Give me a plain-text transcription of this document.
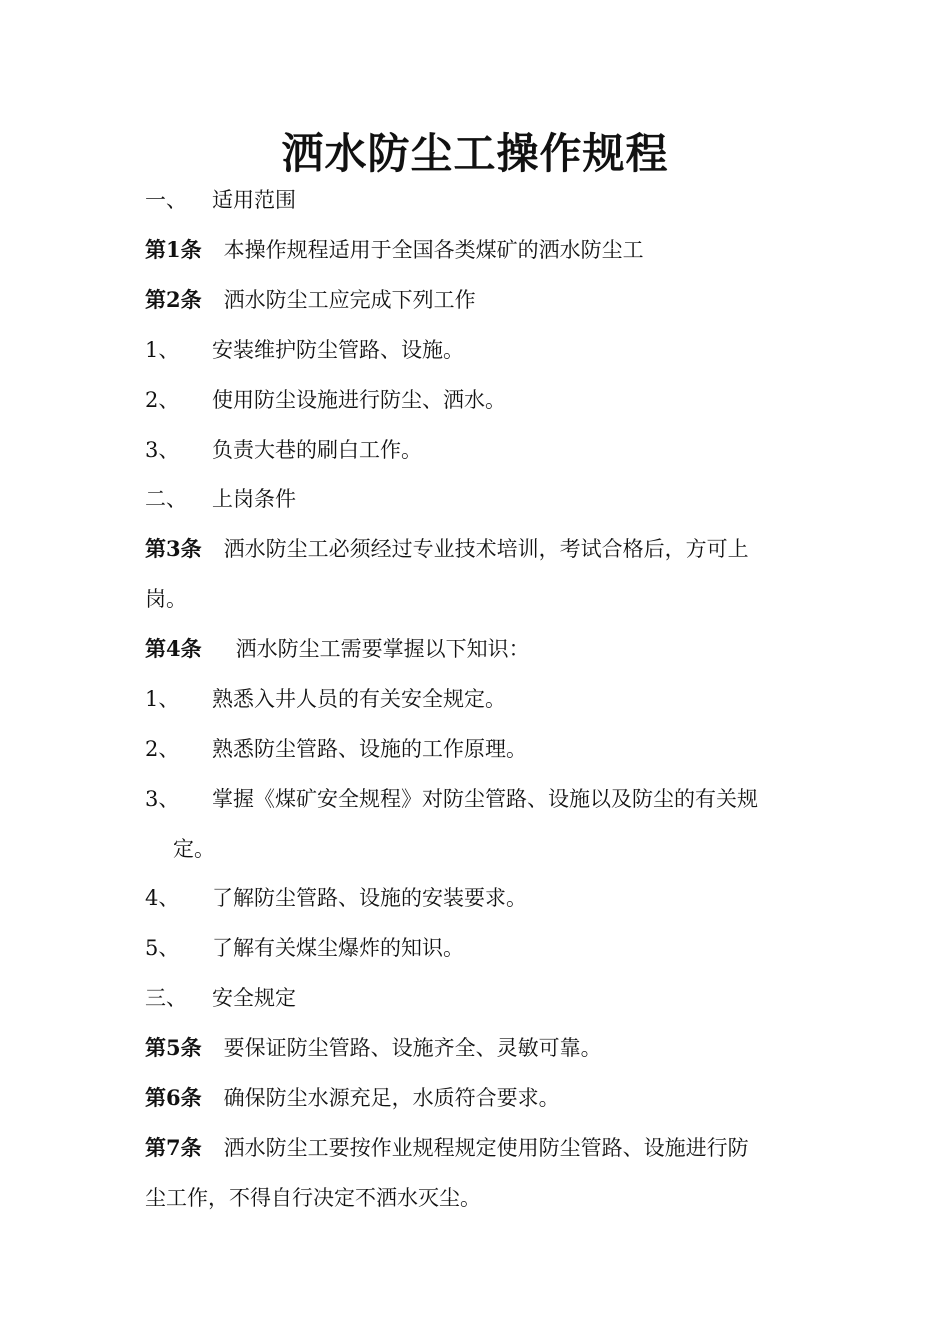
洒水防尘工操作规程
一、 适用范围
第1条 本操作规程适用于全国各类煤矿的洒水防尘工
第2条 洒水防尘工应完成下列工作
1、 安装维护防尘管路、设施。
2、 使用防尘设施进行防尘、洒水。
3、 负责大巷的刷白工作。
二、 上岗条件
第3条 洒水防尘工必须经过专业技术培训，考试合格后，方可上
岗。
第4条 洒水防尘工需要掌握以下知识：
1、 熟悉入井人员的有关安全规定。
2、 熟悉防尘管路、设施的工作原理。
3、 掌握《煤矿安全规程》对防尘管路、设施以及防尘的有关规
定。
4、 了解防尘管路、设施的安装要求。
5、 了解有关煤尘爆炸的知识。
三、 安全规定
第5条 要保证防尘管路、设施齐全、灵敏可靠。
第6条 确保防尘水源充足，水质符合要求。
第7条 洒水防尘工要按作业规程规定使用防尘管路、设施进行防
尘工作，不得自行决定不洒水灭尘。
